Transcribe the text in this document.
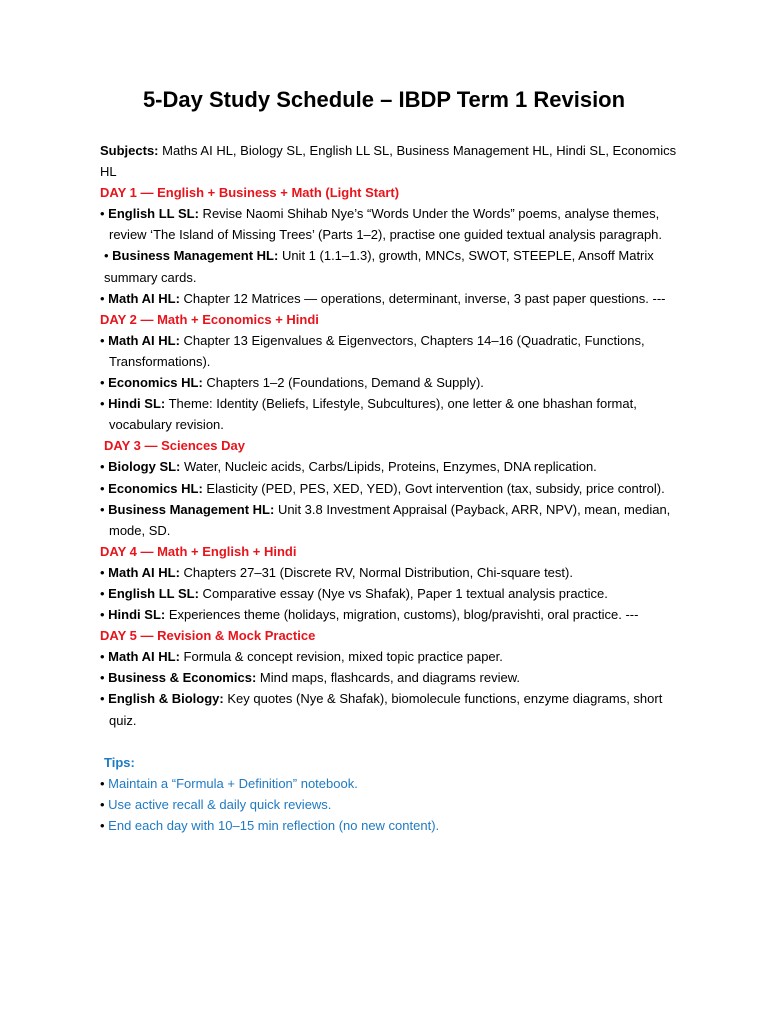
5-Day Study Schedule – IBDP Term 1 Revision

Subjects: Maths AI HL, Biology SL, English LL SL, Business Management HL, Hindi SL, Economics HL

DAY 1 — English + Business + Math (Light Start)

• English LL SL: Revise Naomi Shihab Nye’s “Words Under the Words” poems, analyse themes, review ‘The Island of Missing Trees’ (Parts 1–2), practise one guided textual analysis paragraph.

• Business Management HL: Unit 1 (1.1–1.3), growth, MNCs, SWOT, STEEPLE, Ansoff Matrix summary cards.

• Math AI HL: Chapter 12 Matrices — operations, determinant, inverse, 3 past paper questions. ---

DAY 2 — Math + Economics + Hindi

• Math AI HL: Chapter 13 Eigenvalues & Eigenvectors, Chapters 14–16 (Quadratic, Functions, Transformations).

• Economics HL: Chapters 1–2 (Foundations, Demand & Supply).

• Hindi SL: Theme: Identity (Beliefs, Lifestyle, Subcultures), one letter & one bhashan format, vocabulary revision.

DAY 3 — Sciences Day

• Biology SL: Water, Nucleic acids, Carbs/Lipids, Proteins, Enzymes, DNA replication.

• Economics HL: Elasticity (PED, PES, XED, YED), Govt intervention (tax, subsidy, price control).

• Business Management HL: Unit 3.8 Investment Appraisal (Payback, ARR, NPV), mean, median, mode, SD.

DAY 4 — Math + English + Hindi

• Math AI HL: Chapters 27–31 (Discrete RV, Normal Distribution, Chi-square test).

• English LL SL: Comparative essay (Nye vs Shafak), Paper 1 textual analysis practice.

• Hindi SL: Experiences theme (holidays, migration, customs), blog/pravishti, oral practice. ---

DAY 5 — Revision & Mock Practice

• Math AI HL: Formula & concept revision, mixed topic practice paper.

• Business & Economics: Mind maps, flashcards, and diagrams review.

• English & Biology: Key quotes (Nye & Shafak), biomolecule functions, enzyme diagrams, short quiz.

Tips:

• Maintain a “Formula + Definition” notebook.

• Use active recall & daily quick reviews.

• End each day with 10–15 min reflection (no new content).
